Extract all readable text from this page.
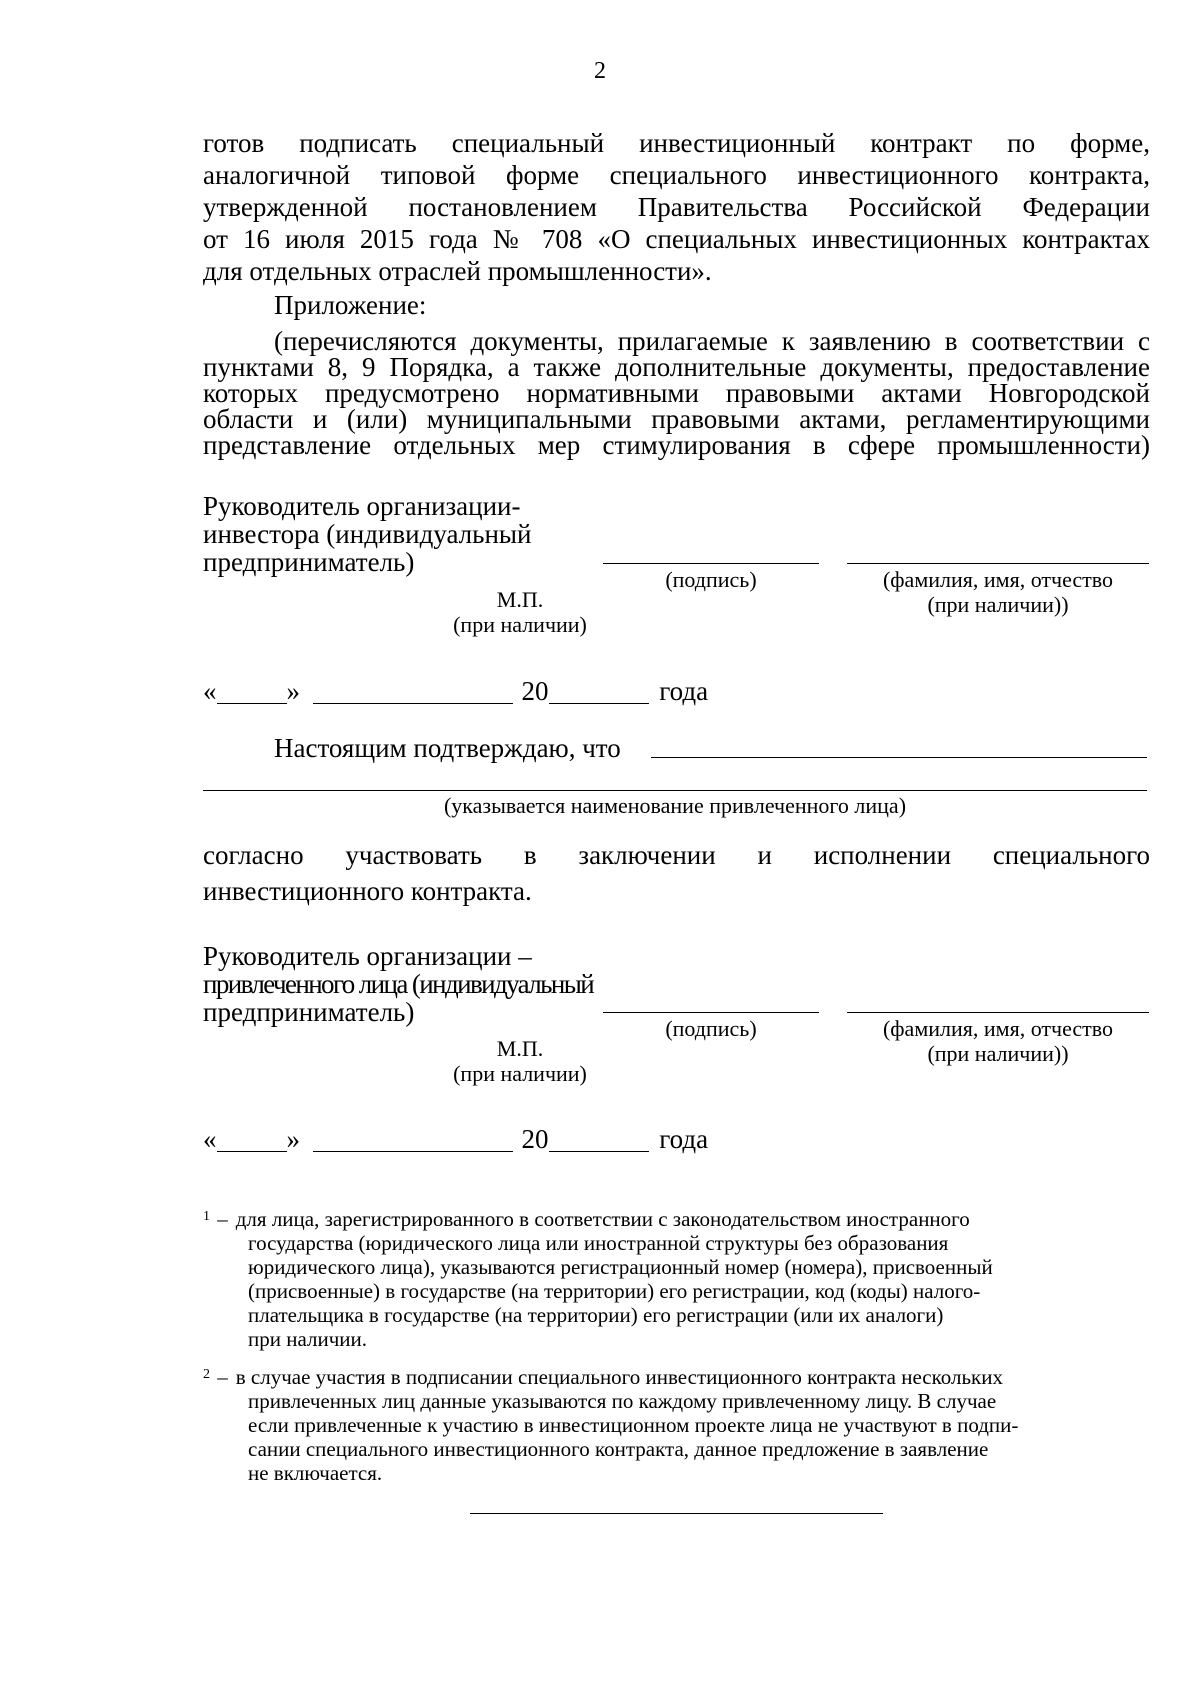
2
готов подписать специальный инвестиционный контракт по форме,
аналогичной типовой форме специального инвестиционного контракта,
утвержденной постановлением Правительства Российской Федерации
от 16 июля 2015 года № 708 «О специальных инвестиционных контрактах
для отдельных отраслей промышленности».
Приложение:
(перечисляются документы, прилагаемые к заявлению в соответствии с
пунктами 8, 9 Порядка, а также дополнительные документы, предоставление
которых предусмотрено нормативными правовыми актами Новгородской
области и (или) муниципальными правовыми актами, регламентирующими
представление отдельных мер стимулирования в сфере промышленности)
Руководитель организации-
инвестора (индивидуальный
предприниматель)
(подпись)	(фамилия, имя, отчество
(при наличии))
М.П.
(при наличии)
«	»	20	года
Настоящим подтверждаю, что
(указывается наименование привлеченного лица)
согласно участвовать в заключении и исполнении специального
инвестиционного контракта.
Руководитель организации –
привлеченного лица (индивидуальный
предприниматель)
(подпись)	(фамилия, имя, отчество
(при наличии))
М.П.
(при наличии)
«	»	20	года
$^1$ – для лица, зарегистрированного в соответствии с законодательством иностранного
государства (юридического лица или иностранной структуры без образования
юридического лица), указываются регистрационный номер (номера), присвоенный
(присвоенные) в государстве (на территории) его регистрации, код (коды) налого-
плательщика в государстве (на территории) его регистрации (или их аналоги)
при наличии.
$^2$ – в случае участия в подписании специального инвестиционного контракта нескольких
привлеченных лиц данные указываются по каждому привлеченному лицу. В случае
если привлеченные к участию в инвестиционном проекте лица не участвуют в подпи-
сании специального инвестиционного контракта, данное предложение в заявление
не включается.
